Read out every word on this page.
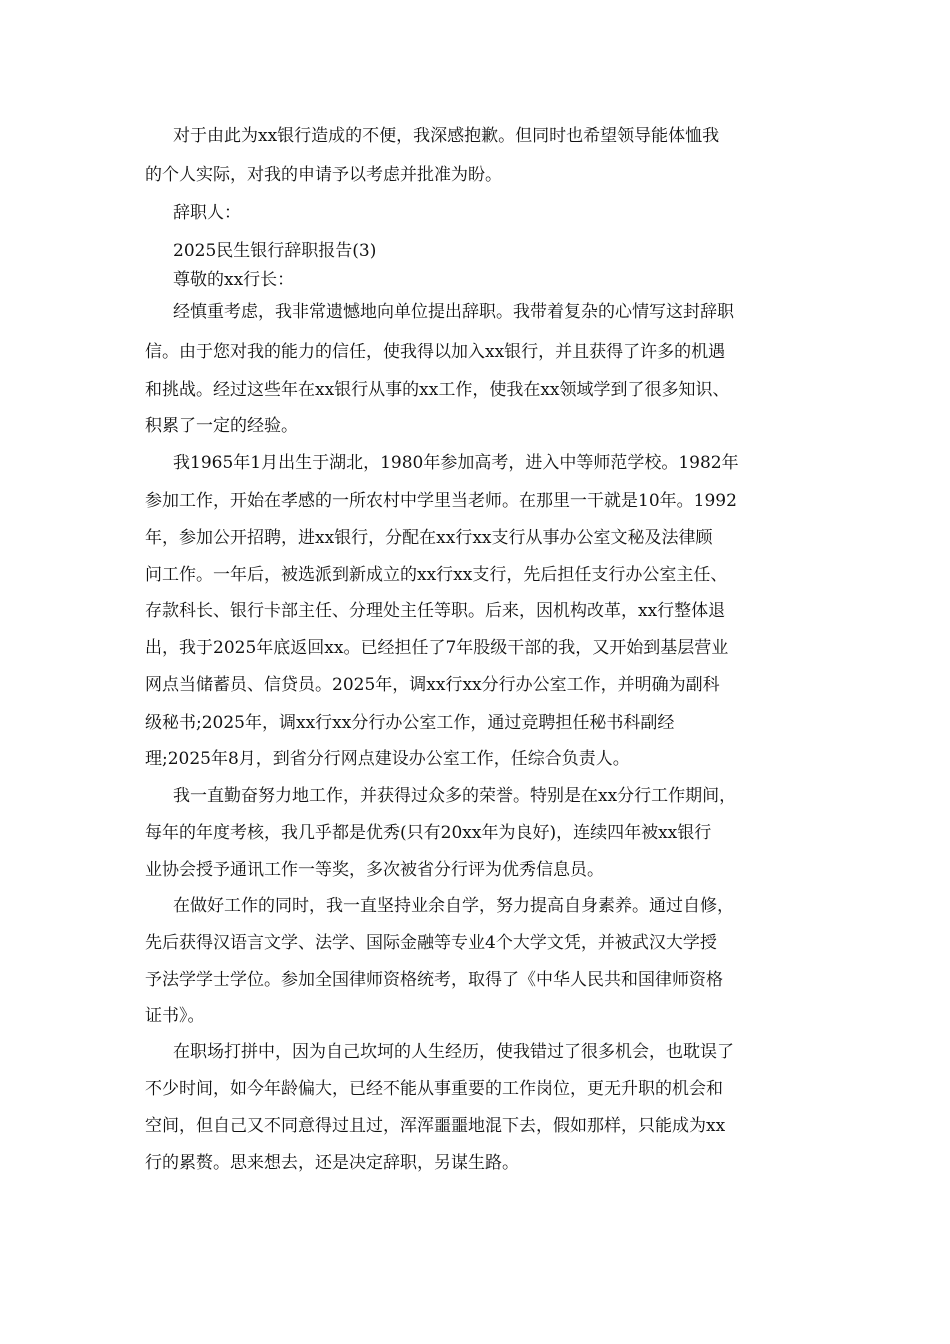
对于由此为xx银行造成的不便，我深感抱歉。但同时也希望领导能体恤我

的个人实际，对我的申请予以考虑并批准为盼。

辞职人：

2025民生银行辞职报告(3)

尊敬的xx行长：

经慎重考虑，我非常遗憾地向单位提出辞职。我带着复杂的心情写这封辞职

信。由于您对我的能力的信任，使我得以加入xx银行，并且获得了许多的机遇

和挑战。经过这些年在xx银行从事的xx工作，使我在xx领域学到了很多知识、

积累了一定的经验。

我1965年1月出生于湖北，1980年参加高考，进入中等师范学校。1982年

参加工作，开始在孝感的一所农村中学里当老师。在那里一干就是10年。1992

年，参加公开招聘，进xx银行，分配在xx行xx支行从事办公室文秘及法律顾

问工作。一年后，被选派到新成立的xx行xx支行，先后担任支行办公室主任、

存款科长、银行卡部主任、分理处主任等职。后来，因机构改革，xx行整体退

出，我于2025年底返回xx。已经担任了7年股级干部的我，又开始到基层营业

网点当储蓄员、信贷员。2025年，调xx行xx分行办公室工作，并明确为副科

级秘书;2025年，调xx行xx分行办公室工作，通过竞聘担任秘书科副经

理;2025年8月，到省分行网点建设办公室工作，任综合负责人。

我一直勤奋努力地工作，并获得过众多的荣誉。特别是在xx分行工作期间，

每年的年度考核，我几乎都是优秀(只有20xx年为良好)，连续四年被xx银行

业协会授予通讯工作一等奖，多次被省分行评为优秀信息员。

在做好工作的同时，我一直坚持业余自学，努力提高自身素养。通过自修，

先后获得汉语言文学、法学、国际金融等专业4个大学文凭，并被武汉大学授

予法学学士学位。参加全国律师资格统考，取得了《中华人民共和国律师资格

证书》。

在职场打拼中，因为自己坎坷的人生经历，使我错过了很多机会，也耽误了

不少时间，如今年龄偏大，已经不能从事重要的工作岗位，更无升职的机会和

空间，但自己又不同意得过且过，浑浑噩噩地混下去，假如那样，只能成为xx

行的累赘。思来想去，还是决定辞职，另谋生路。
